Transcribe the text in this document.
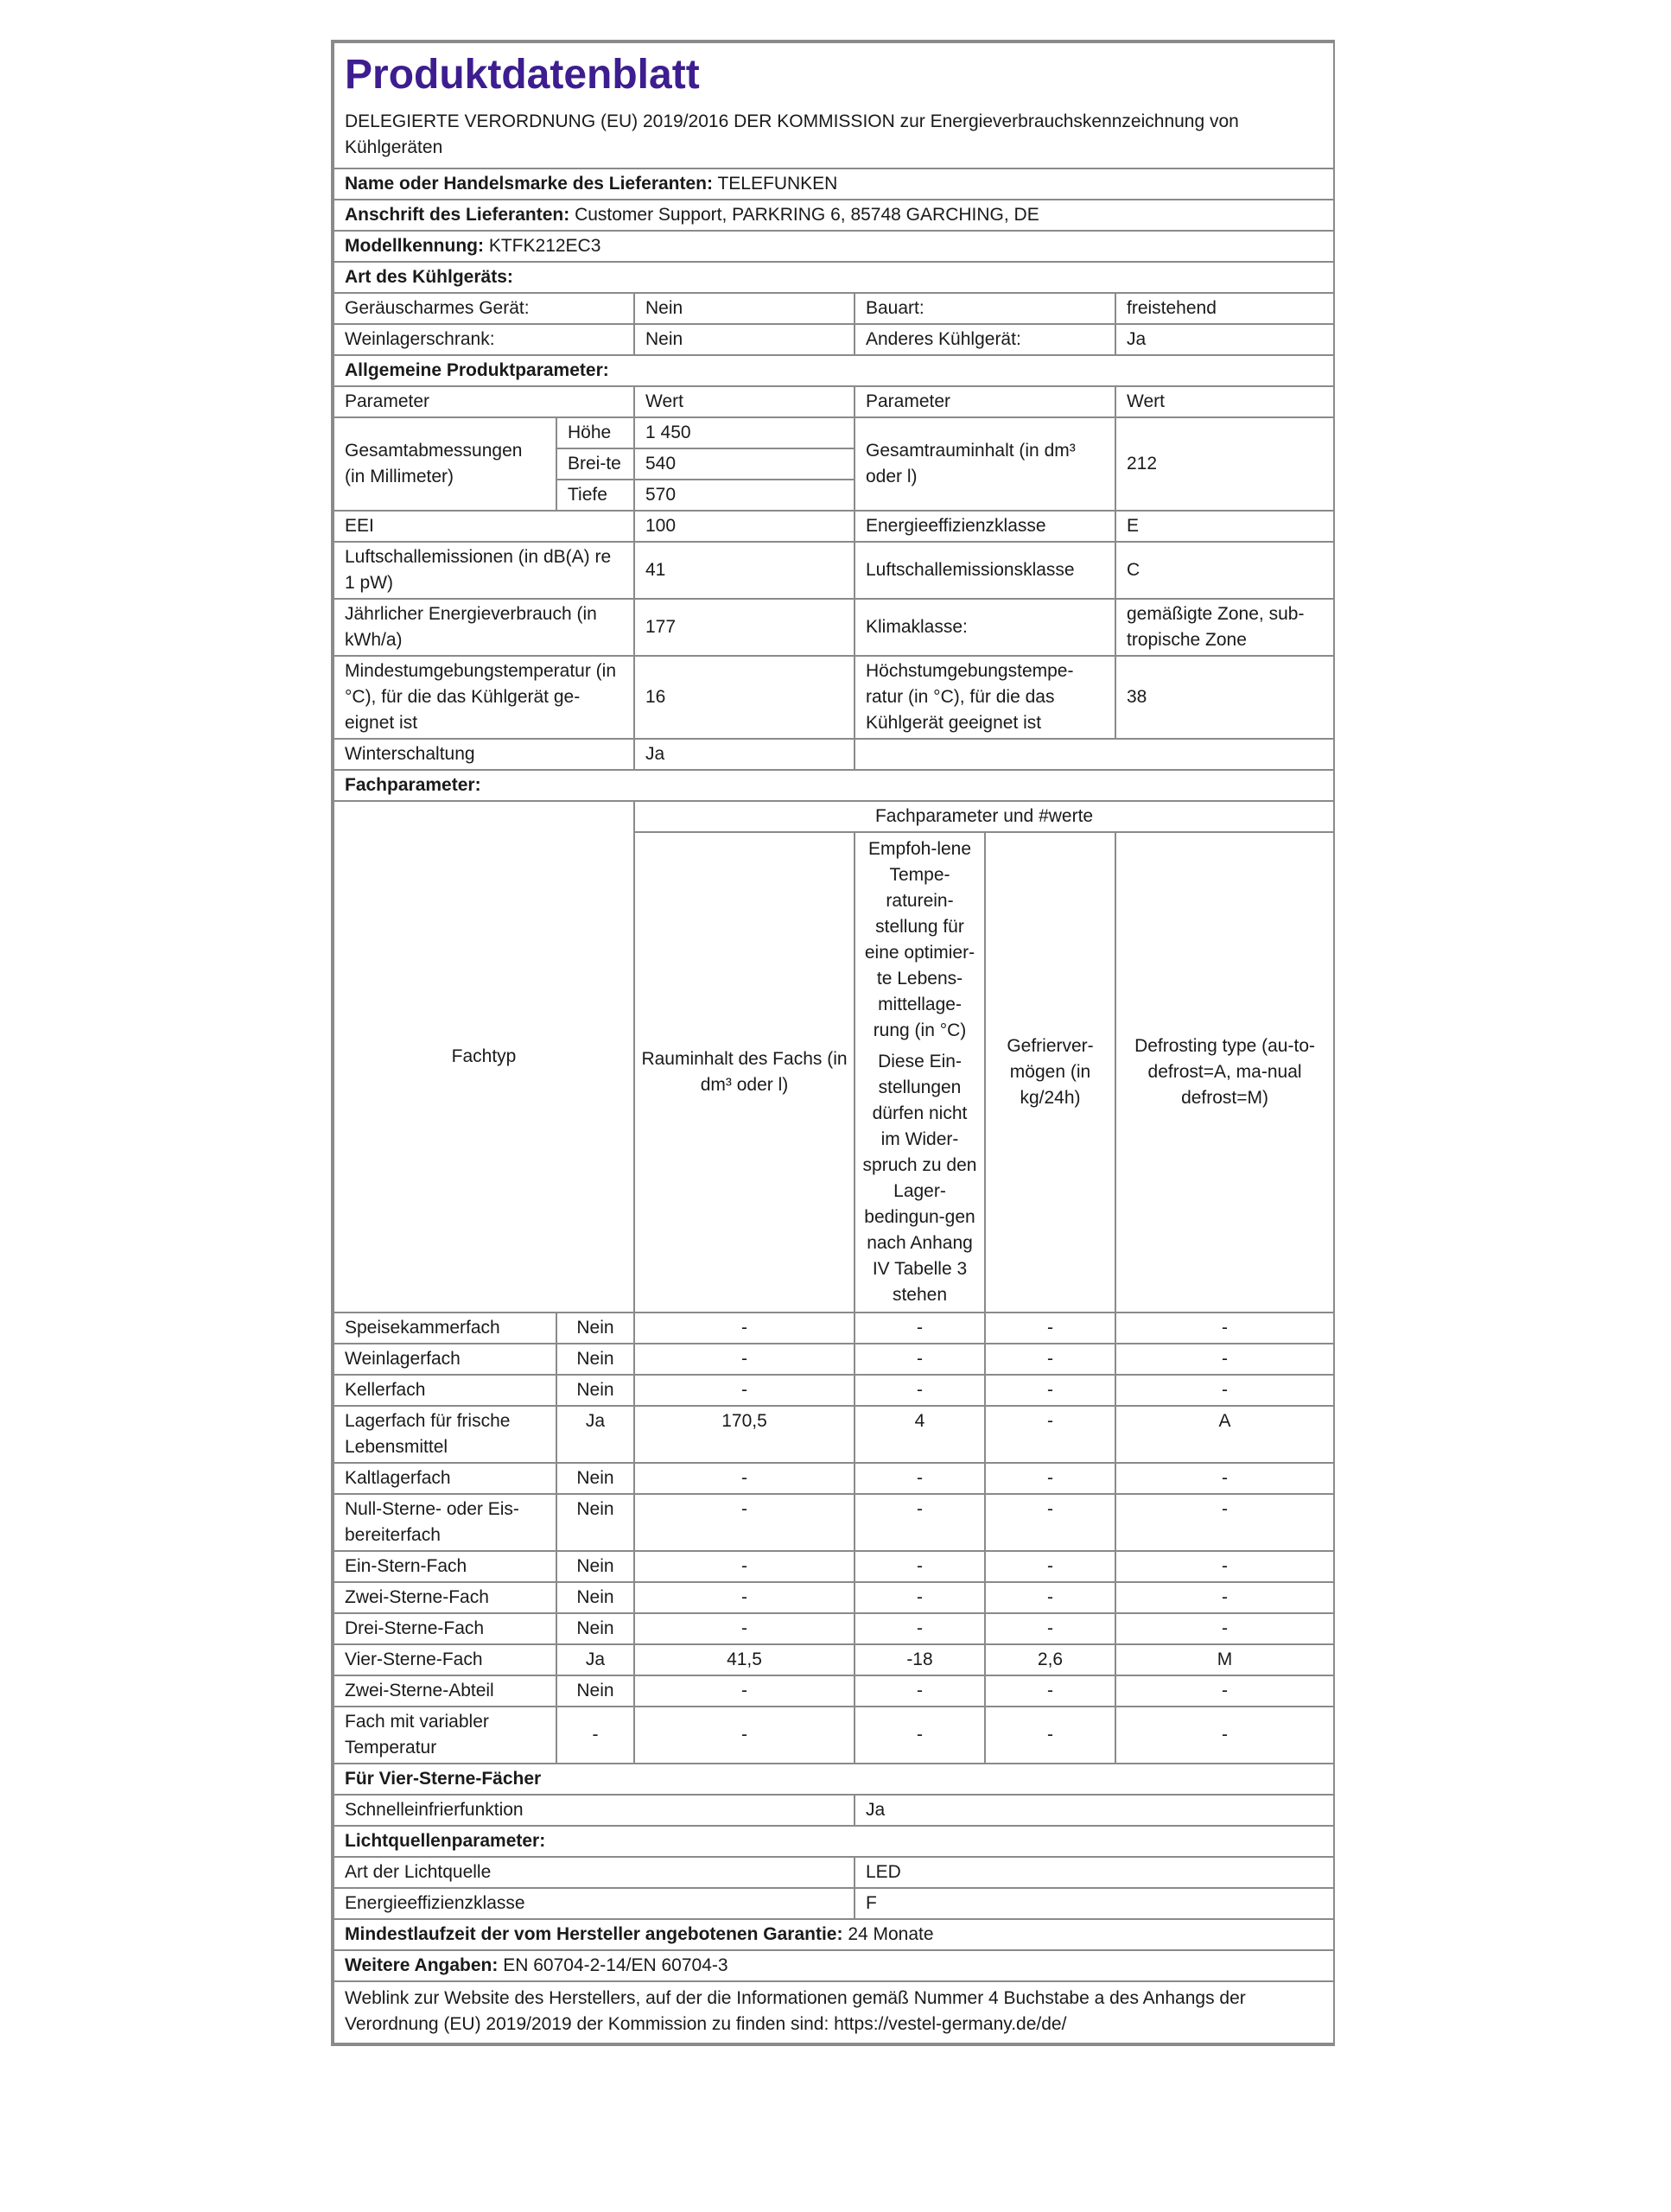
Produktdatenblatt					
DELEGIERTE VERORDNUNG (EU) 2019/2016 DER KOMMISSION zur Energieverbrauchskennzeichnung von Kühlgeräten					
Name oder Handelsmarke des Lieferanten: TELEFUNKEN					
Anschrift des Lieferanten: Customer Support, PARKRING 6, 85748 GARCHING, DE					
Modellkennung: KTFK212EC3					
Art des Kühlgeräts:					
Geräuscharmes Gerät:		Nein	Bauart:		freistehend
Weinlagerschrank:		Nein	Anderes Kühlgerät:		Ja
Allgemeine Produktparameter:					
Parameter		Wert	Parameter		Wert
Gesamtabmessungen (in Millimeter)	Höhe	1 450	Gesamtrauminhalt (in dm³ oder l)		212
	Brei-te	540			

	Tiefe	570			
EEI		100	Energieeffizienzklasse		E
Luftschallemissionen (in dB(A) re 1 pW)		41	Luftschallemissionsklasse		C
Jährlicher Energieverbrauch (in kWh/a)		177	Klimaklasse:		gemäßigte Zone, sub-tropische Zone
Mindestumgebungstemperatur (in °C), für die das Kühlgerät ge-eignet ist		16	Höchstumgebungstempe-ratur (in °C), für die das Kühlgerät geeignet ist		38
Winterschaltung		Ja			
Fachparameter:					
Fachtyp		Fachparameter und #werte			
		Rauminhalt des Fachs (in dm³ oder l)	Empfoh-lene Tempe-raturein-stellung für eine optimier-te Lebens-mittellage-rung (in °C)
Diese Ein-stellungen dürfen nicht im Wider-spruch zu den Lager-bedingun-gen nach Anhang IV Tabelle 3 stehen	Gefrierver-mögen (in kg/24h)	Defrosting type (au-to-defrost=A, ma-nual defrost=M)
Speisekammerfach	Nein	-	-	-	-
Weinlagerfach	Nein	-	-	-	-
Kellerfach	Nein	-	-	-	-
Lagerfach für frische Lebensmittel	Ja	170,5	4	-	A
Kaltlagerfach	Nein	-	-	-	-
Null-Sterne- oder Eis-bereiterfach	Nein	-	-	-	-
Ein-Stern-Fach	Nein	-	-	-	-
Zwei-Sterne-Fach	Nein	-	-	-	-
Drei-Sterne-Fach	Nein	-	-	-	-
Vier-Sterne-Fach	Ja	41,5	-18	2,6	M
Zwei-Sterne-Abteil	Nein	-	-	-	-
Fach mit variabler Temperatur	-	-	-	-	-
Für Vier-Sterne-Fächer					
Schnelleinfrierfunktion			Ja		
Lichtquellenparameter:					
Art der Lichtquelle			LED		
Energieeffizienzklasse			F		
Mindestlaufzeit der vom Hersteller angebotenen Garantie: 24 Monate					
Weitere Angaben: EN 60704-2-14/EN 60704-3					
Weblink zur Website des Herstellers, auf der die Informationen gemäß Nummer 4 Buchstabe a des Anhangs der Verordnung (EU) 2019/2019 der Kommission zu finden sind: https://vestel-germany.de/de/					
